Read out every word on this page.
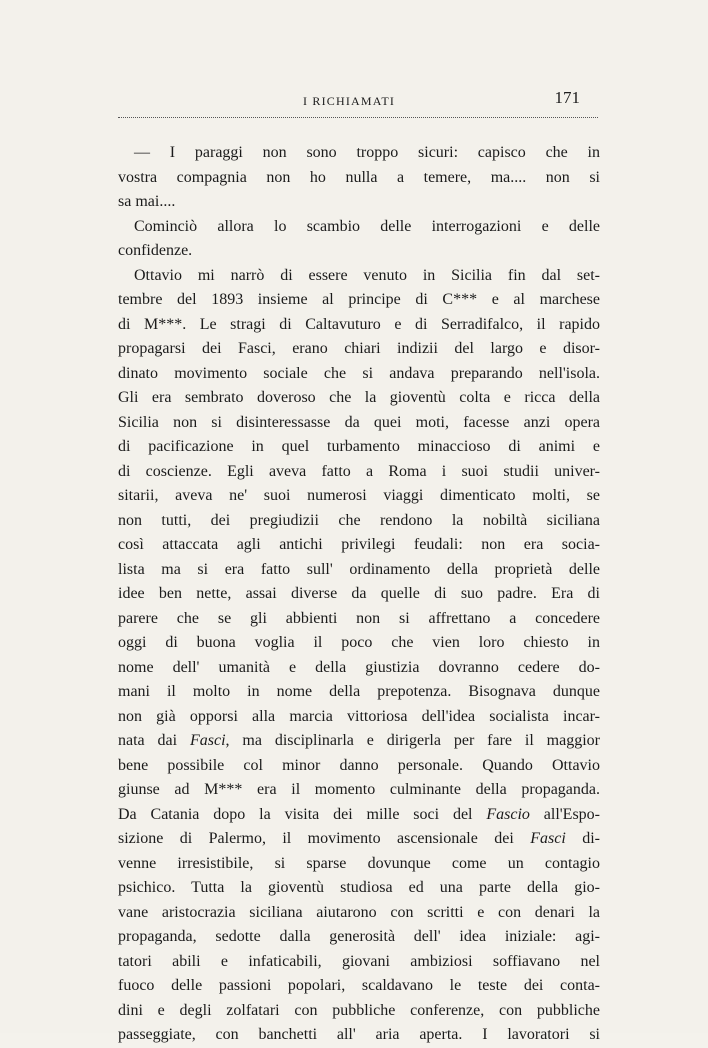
I RICHIAMATI	171
— I paraggi non sono troppo sicuri: capisco che in
vostra compagnia non ho nulla a temere, ma.... non si
sa mai....
Cominciò allora lo scambio delle interrogazioni e delle
confidenze.
Ottavio mi narrò di essere venuto in Sicilia fin dal set-
tembre del 1893 insieme al principe di C*** e al marchese
di M***. Le stragi di Caltavuturo e di Serradifalco, il rapido
propagarsi dei Fasci, erano chiari indizii del largo e disor-
dinato movimento sociale che si andava preparando nell'isola.
Gli era sembrato doveroso che la gioventù colta e ricca della
Sicilia non si disinteressasse da quei moti, facesse anzi opera
di pacificazione in quel turbamento minaccioso di animi e
di coscienze. Egli aveva fatto a Roma i suoi studii univer-
sitarii, aveva ne' suoi numerosi viaggi dimenticato molti, se
non tutti, dei pregiudizii che rendono la nobiltà siciliana
così attaccata agli antichi privilegi feudali: non era socia-
lista ma si era fatto sull' ordinamento della proprietà delle
idee ben nette, assai diverse da quelle di suo padre. Era di
parere che se gli abbienti non si affrettano a concedere
oggi di buona voglia il poco che vien loro chiesto in
nome dell' umanità e della giustizia dovranno cedere do-
mani il molto in nome della prepotenza. Bisognava dunque
non già opporsi alla marcia vittoriosa dell'idea socialista incar-
nata dai Fasci, ma disciplinarla e dirigerla per fare il maggior
bene possibile col minor danno personale. Quando Ottavio
giunse ad M*** era il momento culminante della propaganda.
Da Catania dopo la visita dei mille soci del Fascio all'Espo-
sizione di Palermo, il movimento ascensionale dei Fasci di-
venne irresistibile, si sparse dovunque come un contagio
psichico. Tutta la gioventù studiosa ed una parte della gio-
vane aristocrazia siciliana aiutarono con scritti e con denari la
propaganda, sedotte dalla generosità dell' idea iniziale: agi-
tatori abili e infaticabili, giovani ambiziosi soffiavano nel
fuoco delle passioni popolari, scaldavano le teste dei conta-
dini e degli zolfatari con pubbliche conferenze, con pubbliche
passeggiate, con banchetti all' aria aperta. I lavoratori si
